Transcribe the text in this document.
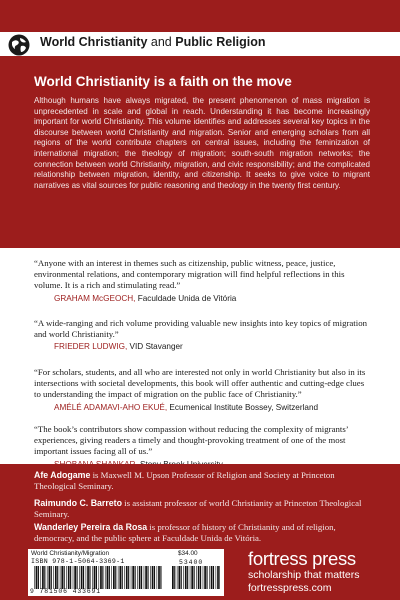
World Christianity and Public Religion
World Christianity is a faith on the move
Although humans have always migrated, the present phenomenon of mass migration is unprecedented in scale and global in reach. Understanding it has become increasingly important for world Christianity. This volume identifies and addresses several key topics in the discourse between world Christianity and migration. Senior and emerging scholars from all regions of the world contribute chapters on central issues, including the feminization of international migration; the theology of migration; south-south migration networks; the connection between world Christianity, migration, and civic responsibility; and the complicated relationship between migration, identity, and citizenship. It seeks to give voice to migrant narratives as vital sources for public reasoning and theology in the twenty first century.
“Anyone with an interest in themes such as citizenship, public witness, peace, justice, environmental relations, and contemporary migration will find helpful reflections in this volume. It is a rich and stimulating read.”
GRAHAM McGEOCH, Faculdade Unida de Vitória
“A wide-ranging and rich volume providing valuable new insights into key topics of migration and world Christianity.”
FRIEDER LUDWIG, VID Stavanger
“For scholars, students, and all who are interested not only in world Christianity but also in its intersections with societal developments, this book will offer authentic and cutting-edge clues to understanding the impact of migration on the public face of Christianity.”
AMÉLÉ ADAMAVI-AHO EKUÉ, Ecumenical Institute Bossey, Switzerland
“The book’s contributors show compassion without reducing the complexity of migrants’ experiences, giving readers a timely and thought-provoking treatment of one of the most important issues facing all of us.”
Afe Adogame is Maxwell M. Upson Professor of Religion and Society at Princeton Theological Seminary.
Raimundo C. Barreto is assistant professor of world Christianity at Princeton Theological Seminary.
Wanderley Pereira da Rosa is professor of history of Christianity and of religion, democracy, and the public sphere at Faculdade Unida de Vitória.
World Christianity/Migration	$34.00
ISBN 978-1-5064-3369-1
9 781506 433691
53400 fortress press
scholarship that matters
fortresspress.com
